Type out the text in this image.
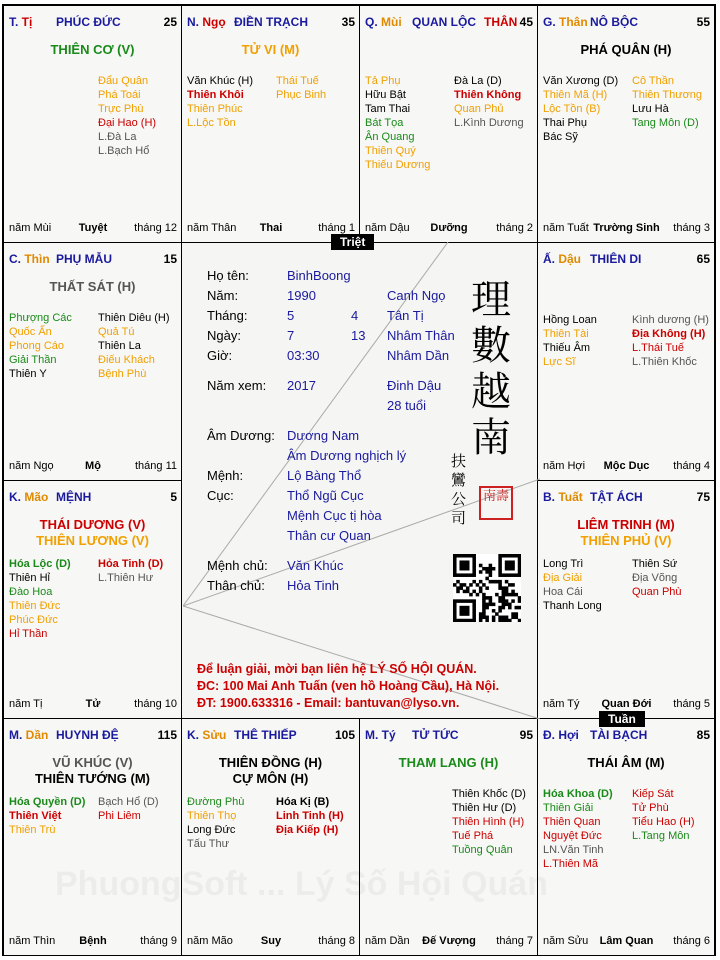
T. Tị PHÚC ĐỨC	25
THIÊN CƠ (V)
Đẩu Quân
Phá Toái
Trực Phù
Đại Hao (H)
L.Đà La
L.Bạch Hổ
năm Mùi	Tuyệt	tháng 12
N. Ngọ ĐIỀN TRẠCH	35
TỬ VI (M)
Văn Khúc (H)
Thiên Khôi
Thiên Phúc
L.Lộc Tồn
Thái Tuế
Phục Binh
năm Thân	Thai	tháng 1
Q. Mùi QUAN LỘC THÂN 45
Tả Phụ
Hữu Bật
Tam Thai
Bát Tọa
Ân Quang
Thiên Quý
Thiếu Dương
Đà La (D)
Thiên Không
Quan Phủ
L.Kình Dương
năm Dậu	Dưỡng	tháng 2
G. Thân NÔ BỘC	55
PHÁ QUÂN (H)
Văn Xương (D)
Thiên Mã (H)
Lộc Tồn (B)
Thai Phụ
Bác Sỹ
Cô Thần
Thiên Thương
Lưu Hà
Tang Môn (D)
năm Tuất Trường Sinh	tháng 3
C. Thìn PHỤ MẪU	15
THẤT SÁT (H)
Phượng Các
Quốc Ấn
Phong Cáo
Giải Thần
Thiên Y
Thiên Diêu (H)
Quả Tú
Thiên La
Điếu Khách
Bệnh Phù
năm Ngọ	Mộ	tháng 11
Ấ. Dậu THIÊN DI	65
Hồng Loan
Thiên Tài
Thiếu Âm
Lực Sĩ
Kình dương (H)
Địa Không (H)
L.Thái Tuế
L.Thiên Khốc
năm Hợi	Mộc Dục	tháng 4
K. Mão MỆNH	5
THÁI DƯƠNG (V)
THIÊN LƯƠNG (V)
Hóa Lộc (D)
Thiên Hỉ
Đào Hoa
Thiên Đức
Phúc Đức
Hỉ Thần
Hỏa Tinh (D)
L.Thiên Hư
năm Tị	Tử	tháng 10
B. Tuất TẬT ÁCH	75
LIÊM TRINH (M)
THIÊN PHỦ (V)
Long Trì
Địa Giải
Hoa Cái
Thanh Long
Thiên Sứ
Địa Võng
Quan Phù
năm Tý	Quan Đới	tháng 5
M. Dần HUYNH ĐỆ	115
VŨ KHÚC (V)
THIÊN TƯỚNG (M)
Hóa Quyền (D)
Thiên Việt
Thiên Trù
Bạch Hổ (D)
Phi Liêm
năm Thìn	Bệnh	tháng 9
K. Sửu THÊ THIẾP	105
THIÊN ĐỒNG (H)
CỰ MÔN (H)
Đường Phù
Thiên Thọ
Long Đức
Tấu Thư
Hóa Kị (B)
Linh Tinh (H)
Địa Kiếp (H)
năm Mão	Suy	tháng 8
M. Tý TỬ TỨC	95
THAM LANG (H)
Thiên Khốc (D)
Thiên Hư (D)
Thiên Hình (H)
Tuế Phá
Tuồng Quân
năm Dần	Đế Vượng	tháng 7
Đ. Hợi TÀI BẠCH	85
THÁI ÂM (M)
Hóa Khoa (D)
Thiên Giải
Thiên Quan
Nguyệt Đức
LN.Văn Tinh
L.Thiên Mã
Kiếp Sát
Tử Phù
Tiểu Hao (H)
L.Tang Môn
năm Sửu	Lâm Quan	tháng 6
Họ tên:	BinhBoong
Năm:	1990	Canh Ngọ
Tháng:	5	4 Tân Tị
Ngày:	7	13 Nhâm Thân
Giờ:	03:30	Nhâm Dần
Năm xem: 2017	Đinh Dậu
28 tuổi
Âm Dương: Dương Nam
Âm Dương nghịch lý
Mệnh:	Lộ Bàng Thổ
Cục:	Thổ Ngũ Cục
Mệnh Cục tị hòa
Thân cư Quan
Mệnh chủ: Văn Khúc
Thân chủ: Hỏa Tinh
理
數
越
南
扶
鸞
公
司
南壽
Để luận giải, mời bạn liên hệ LÝ SỐ HỘI QUÁN.
ĐC: 100 Mai Anh Tuấn (ven hồ Hoàng Cầu), Hà Nội.
ĐT: 1900.633316 - Email: bantuvan@lyso.vn.
Triệt
Tuần
